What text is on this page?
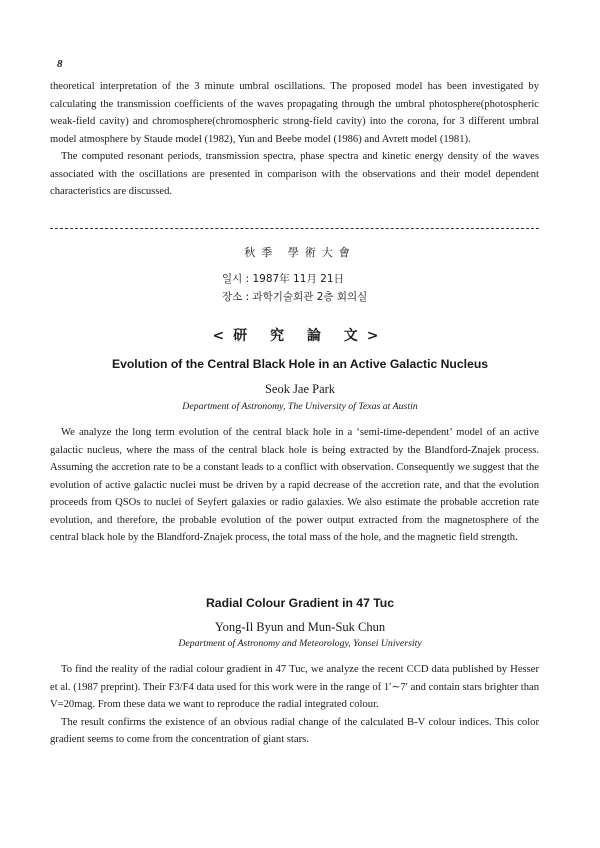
8

theoretical interpretation of the 3 minute umbral oscillations. The proposed model has been investigated by calculating the transmission coefficients of the waves propagating through the umbral photosphere(photospheric weak-field cavity) and chromosphere(chromospheric strong-field cavity) into the corona, for 3 different umbral model atmosphere by Staude model (1982), Yun and Beebe model (1986) and Avrett model (1981).

The computed resonant periods, transmission spectra, phase spectra and kinetic energy density of the waves associated with the oscillations are presented in comparison with the observations and their model dependent characteristics are discussed.

秋季 學術大會
일시 : 1987年 11月 21日
장소 : 과학기술회관 2층 회의실
<研 究 論 文>
Evolution of the Central Black Hole in an Active Galactic Nucleus
Seok Jae Park
Department of Astronomy, The University of Texas at Austin

We analyze the long term evolution of the central black hole in a ‘semi-time-dependent’ model of an active galactic nucleus, where the mass of the central black hole is being extracted by the Blandford-Znajek process. Assuming the accretion rate to be a constant leads to a conflict with observation. Consequently we suggest that the evolution of active galactic nuclei must be driven by a rapid decrease of the accretion rate, and that the evolution proceeds from QSOs to nuclei of Seyfert galaxies or radio galaxies. We also estimate the probable accretion rate evolution, and therefore, the probable evolution of the power output extracted from the magnetosphere of the central black hole by the Blandford-Znajek process, the total mass of the hole, and the magnetic field strength.

Radial Colour Gradient in 47 Tuc
Yong-Il Byun and Mun-Suk Chun
Department of Astronomy and Meteorology, Yonsei University

To find the reality of the radial colour gradient in 47 Tuc, we analyze the recent CCD data published by Hesser et al. (1987 preprint). Their F3/F4 data used for this work were in the range of 1′∼7′ and contain stars brighter than V=20mag. From these data we want to reproduce the radial integrated colour.

The result confirms the existence of an obvious radial change of the calculated B-V colour indices. This color gradient seems to come from the concentration of giant stars.
